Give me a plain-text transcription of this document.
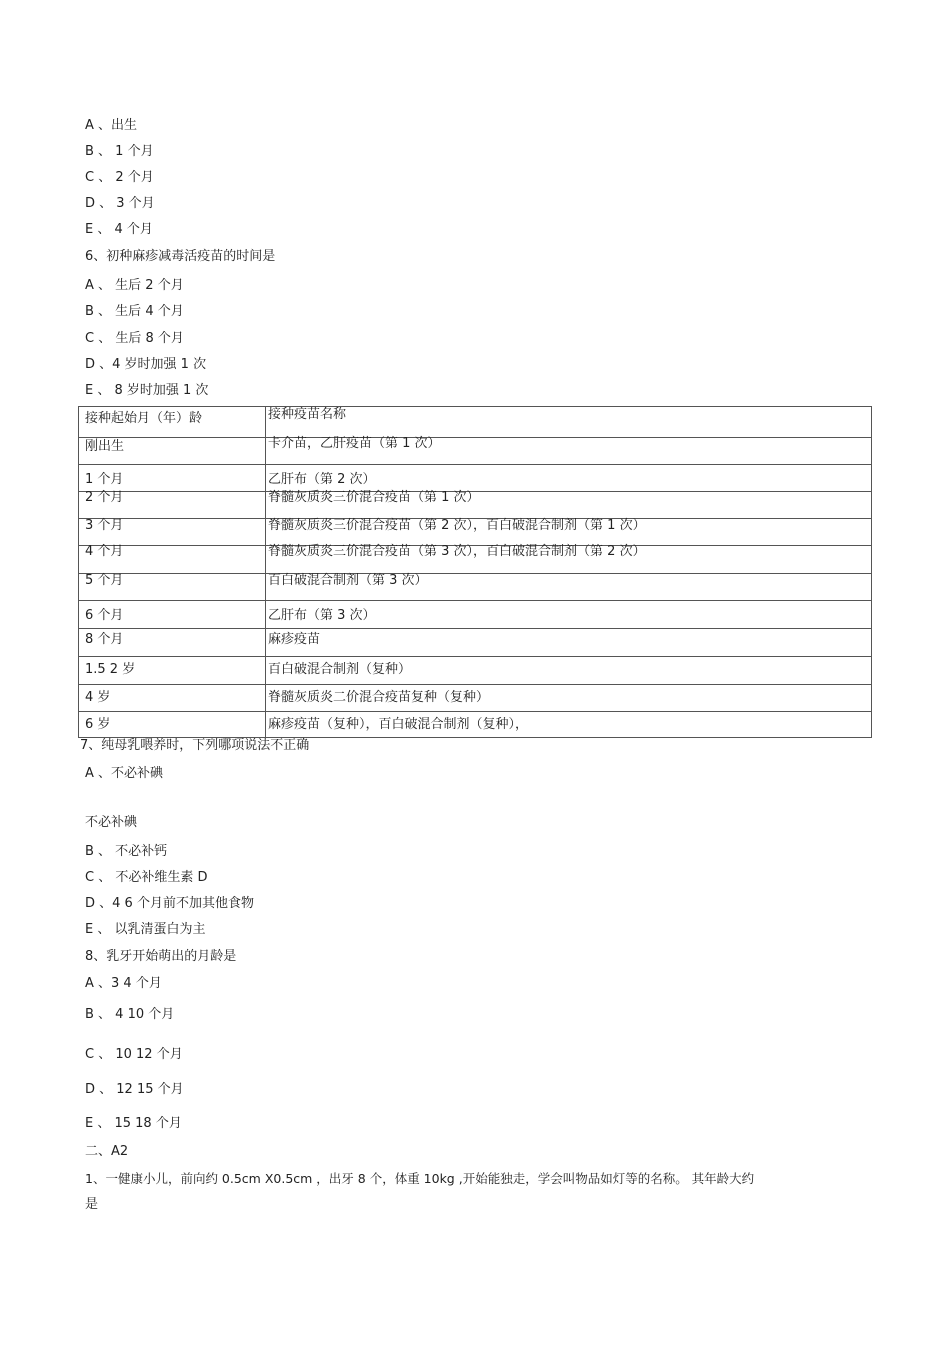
A 、出生
B 、 1 个月
C 、 2 个月
D 、 3 个月
E 、 4 个月
6、初种麻疹减毒活疫苗的时间是
A 、 生后 2 个月
B 、 生后 4 个月
C 、 生后 8 个月
D 、4 岁时加强 1 次
E 、 8 岁时加强 1 次
接种起始月（年）龄	接种疫苗名称
刚出生	卡介苗，乙肝疫苗（第 1 次）
1 个月	乙肝布（第 2 次）
2 个月	脊髓灰质炎三价混合疫苗（第 1 次）
3 个月	脊髓灰质炎三价混合疫苗（第 2 次），百白破混合制剂（第 1 次）
4 个月	脊髓灰质炎三价混合疫苗（第 3 次），百白破混合制剂（第 2 次）
5 个月	百白破混合制剂（第 3 次）
6 个月	乙肝布（第 3 次）
8 个月	麻疹疫苗
1.5 2 岁	百白破混合制剂（复种）
4 岁	脊髓灰质炎二价混合疫苗复种（复种）
6 岁	麻疹疫苗（复种），百白破混合制剂（复种），
7、纯母乳喂养时，下列哪项说法不正确
A 、不必补碘
不必补碘
B 、 不必补钙
C 、 不必补维生素 D
D 、4 6 个月前不加其他食物
E 、 以乳清蛋白为主
8、乳牙开始萌出的月龄是
A 、3 4 个月
B 、 4 10 个月
C 、 10 12 个月
D 、 12 15 个月
E 、 15 18 个月
二、A2
1、一健康小儿，前向约 0.5cm X0.5cm ，出牙 8 个，体重 10kg ,开始能独走，学会叫物品如灯等的名称。 其年龄大约
是
